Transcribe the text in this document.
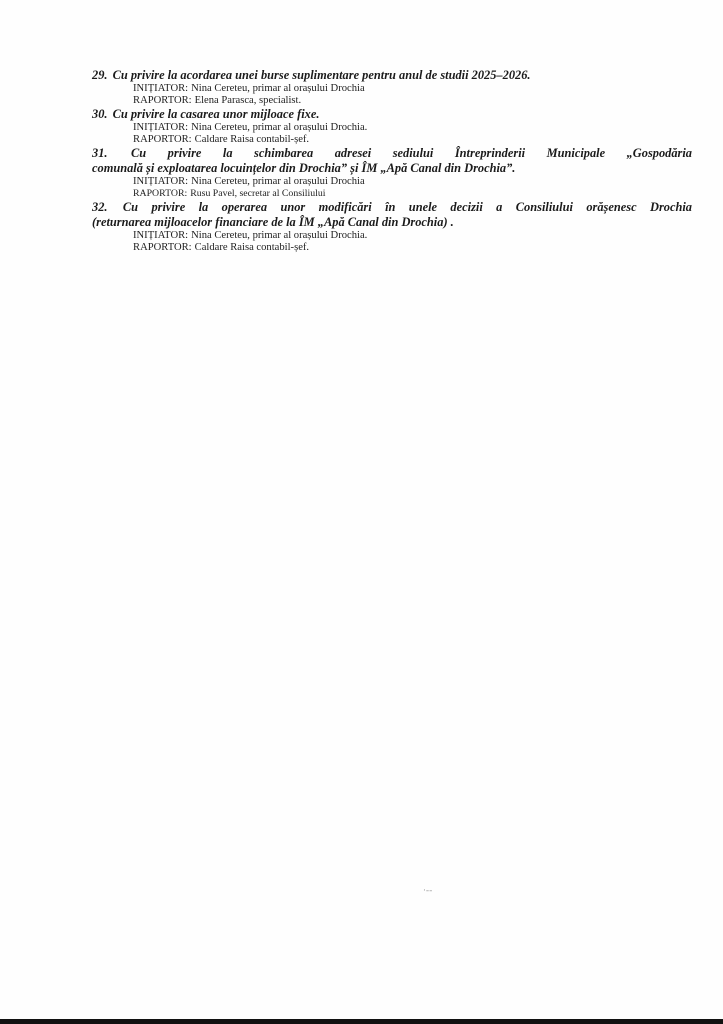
29. Cu privire la acordarea unei burse suplimentare pentru anul de studii 2025–2026.
INIȚIATOR: Nina Cereteu, primar al orașului Drochia
RAPORTOR: Elena Parasca, specialist.
30. Cu privire la casarea unor mijloace fixe.
INIȚIATOR: Nina Cereteu, primar al orașului Drochia.
RAPORTOR: Caldare Raisa contabil-șef.
31. Cu privire la schimbarea adresei sediului Întreprinderii Municipale „Gospodăria
comunală și exploatarea locuințelor din Drochia” și ÎM „Apă Canal din Drochia”.
INIȚIATOR: Nina Cereteu, primar al orașului Drochia
RAPORTOR: Rusu Pavel, secretar al Consiliului
32. Cu privire la operarea unor modificări în unele decizii a Consiliului orășenesc Drochia
(returnarea mijloacelor financiare de la ÎM „Apă Canal din Drochia) .
INIȚIATOR: Nina Cereteu, primar al orașului Drochia.
RAPORTOR: Caldare Raisa contabil-șef.
·‐‐
